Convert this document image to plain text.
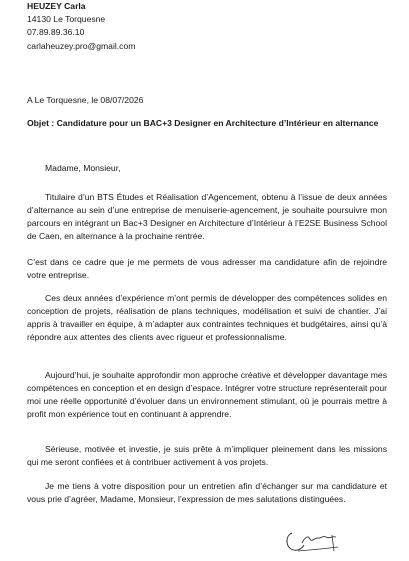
HEUZEY Carla
14130 Le Torquesne
07.89.89.36.10
carlaheuzey.pro@gmail.com
A Le Torquesne, le 08/07/2026
Objet : Candidature pour un BAC+3 Designer en Architecture d’Intérieur en alternance
Madame, Monsieur,

Titulaire d’un BTS Études et Réalisation d’Agencement, obtenu à l’issue de deux années d’alternance au sein d’une entreprise de menuiserie-agencement, je souhaite poursuivre mon parcours en intégrant un Bac+3 Designer en Architecture d’Intérieur à l’E2SE Business School de Caen, en alternance à la prochaine rentrée.

C’est dans ce cadre que je me permets de vous adresser ma candidature afin de rejoindre votre entreprise.

Ces deux années d’expérience m’ont permis de développer des compétences solides en conception de projets, réalisation de plans techniques, modélisation et suivi de chantier. J’ai appris à travailler en équipe, à m’adapter aux contraintes techniques et budgétaires, ainsi qu’à répondre aux attentes des clients avec rigueur et professionnalisme.

Aujourd’hui, je souhaite approfondir mon approche créative et développer davantage mes compétences en conception et en design d’espace. Intégrer votre structure représenterait pour moi une réelle opportunité d’évoluer dans un environnement stimulant, où je pourrais mettre à profit mon expérience tout en continuant à apprendre.

Sérieuse, motivée et investie, je suis prête à m’impliquer pleinement dans les missions qui me seront confiées et à contribuer activement à vos projets.

Je me tiens à votre disposition pour un entretien afin d’échanger sur ma candidature et vous prie d’agréer, Madame, Monsieur, l’expression de mes salutations distinguées.
